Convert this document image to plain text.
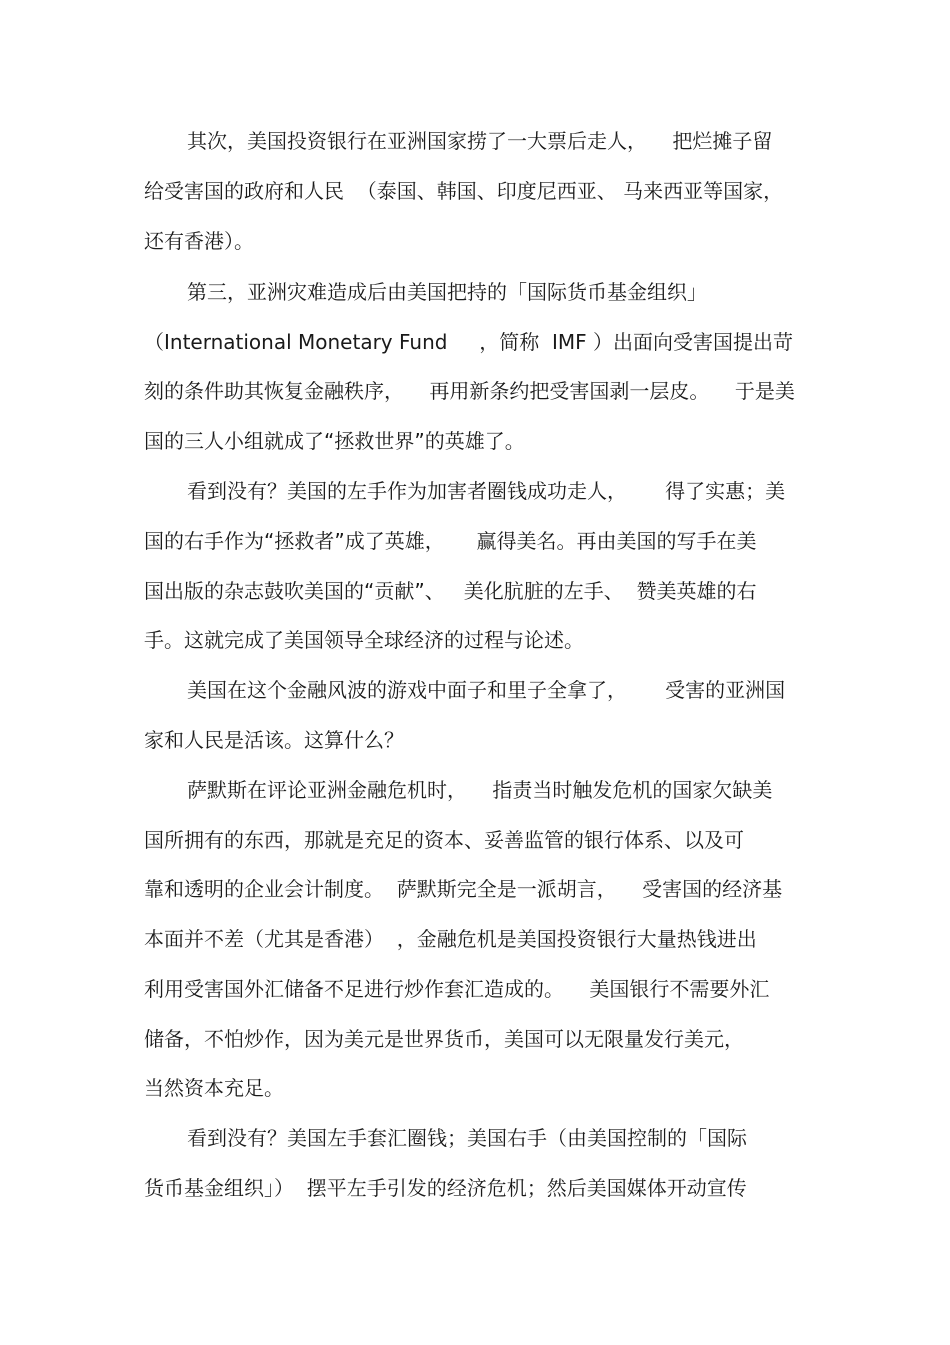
其次，美国投资银行在亚洲国家捞了一大票后走人，    把烂摊子留
给受害国的政府和人民  （泰国、韩国、印度尼西亚、 马来西亚等国家，
还有香港）。
第三，亚洲灾难造成后由美国把持的「国际货币基金组织」
（International Monetary Fund     ，简称  IMF ）出面向受害国提出苛
刻的条件助其恢复金融秩序，    再用新条约把受害国剥一层皮。    于是美
国的三人小组就成了“拯救世界”的英雄了。
看到没有？美国的左手作为加害者圈钱成功走人，      得了实惠；美
国的右手作为“拯救者”成了英雄，     赢得美名。再由美国的写手在美
国出版的杂志鼓吹美国的“贡献”、   美化肮脏的左手、  赞美英雄的右
手。这就完成了美国领导全球经济的过程与论述。
美国在这个金融风波的游戏中面子和里子全拿了，      受害的亚洲国
家和人民是活该。这算什么？
萨默斯在评论亚洲金融危机时，    指责当时触发危机的国家欠缺美
国所拥有的东西，那就是充足的资本、妥善监管的银行体系、以及可
靠和透明的企业会计制度。  萨默斯完全是一派胡言，    受害国的经济基
本面并不差（尤其是香港）  ，金融危机是美国投资银行大量热钱进出
利用受害国外汇储备不足进行炒作套汇造成的。    美国银行不需要外汇
储备，不怕炒作，因为美元是世界货币，美国可以无限量发行美元，
当然资本充足。
看到没有？美国左手套汇圈钱；美国右手（由美国控制的「国际
货币基金组织」）  摆平左手引发的经济危机；然后美国媒体开动宣传
